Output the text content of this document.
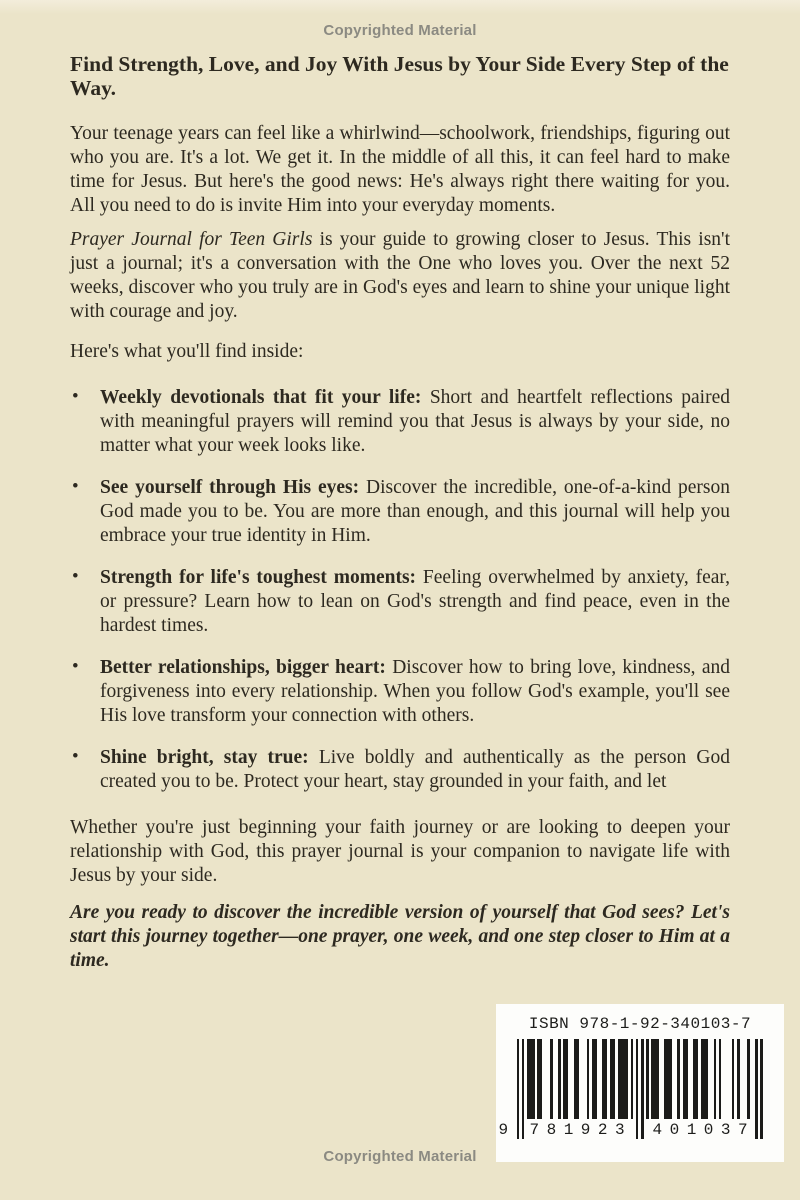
Copyrighted Material
Find Strength, Love, and Joy With Jesus by Your Side Every Step of the Way.

Your teenage years can feel like a whirlwind—schoolwork, friendships, figuring out who you are. It's a lot. We get it. In the middle of all this, it can feel hard to make time for Jesus. But here's the good news: He's always right there waiting for you. All you need to do is invite Him into your everyday moments.

Prayer Journal for Teen Girls is your guide to growing closer to Jesus. This isn't just a journal; it's a conversation with the One who loves you. Over the next 52 weeks, discover who you truly are in God's eyes and learn to shine your unique light with courage and joy.

Here's what you'll find inside:

• Weekly devotionals that fit your life: Short and heartfelt reflections paired with meaningful prayers will remind you that Jesus is always by your side, no matter what your week looks like.
• See yourself through His eyes: Discover the incredible, one-of-a-kind person God made you to be. You are more than enough, and this journal will help you embrace your true identity in Him.
• Strength for life's toughest moments: Feeling overwhelmed by anxiety, fear, or pressure? Learn how to lean on God's strength and find peace, even in the hardest times.
• Better relationships, bigger heart: Discover how to bring love, kindness, and forgiveness into every relationship. When you follow God's example, you'll see His love transform your connection with others.
• Shine bright, stay true: Live boldly and authentically as the person God created you to be. Protect your heart, stay grounded in your faith, and let

Whether you're just beginning your faith journey or are looking to deepen your relationship with God, this prayer journal is your companion to navigate life with Jesus by your side.

Are you ready to discover the incredible version of yourself that God sees? Let's start this journey together—one prayer, one week, and one step closer to Him at a time.

ISBN 978-1-92-340103-7
9 781923 401037
Copyrighted Material
